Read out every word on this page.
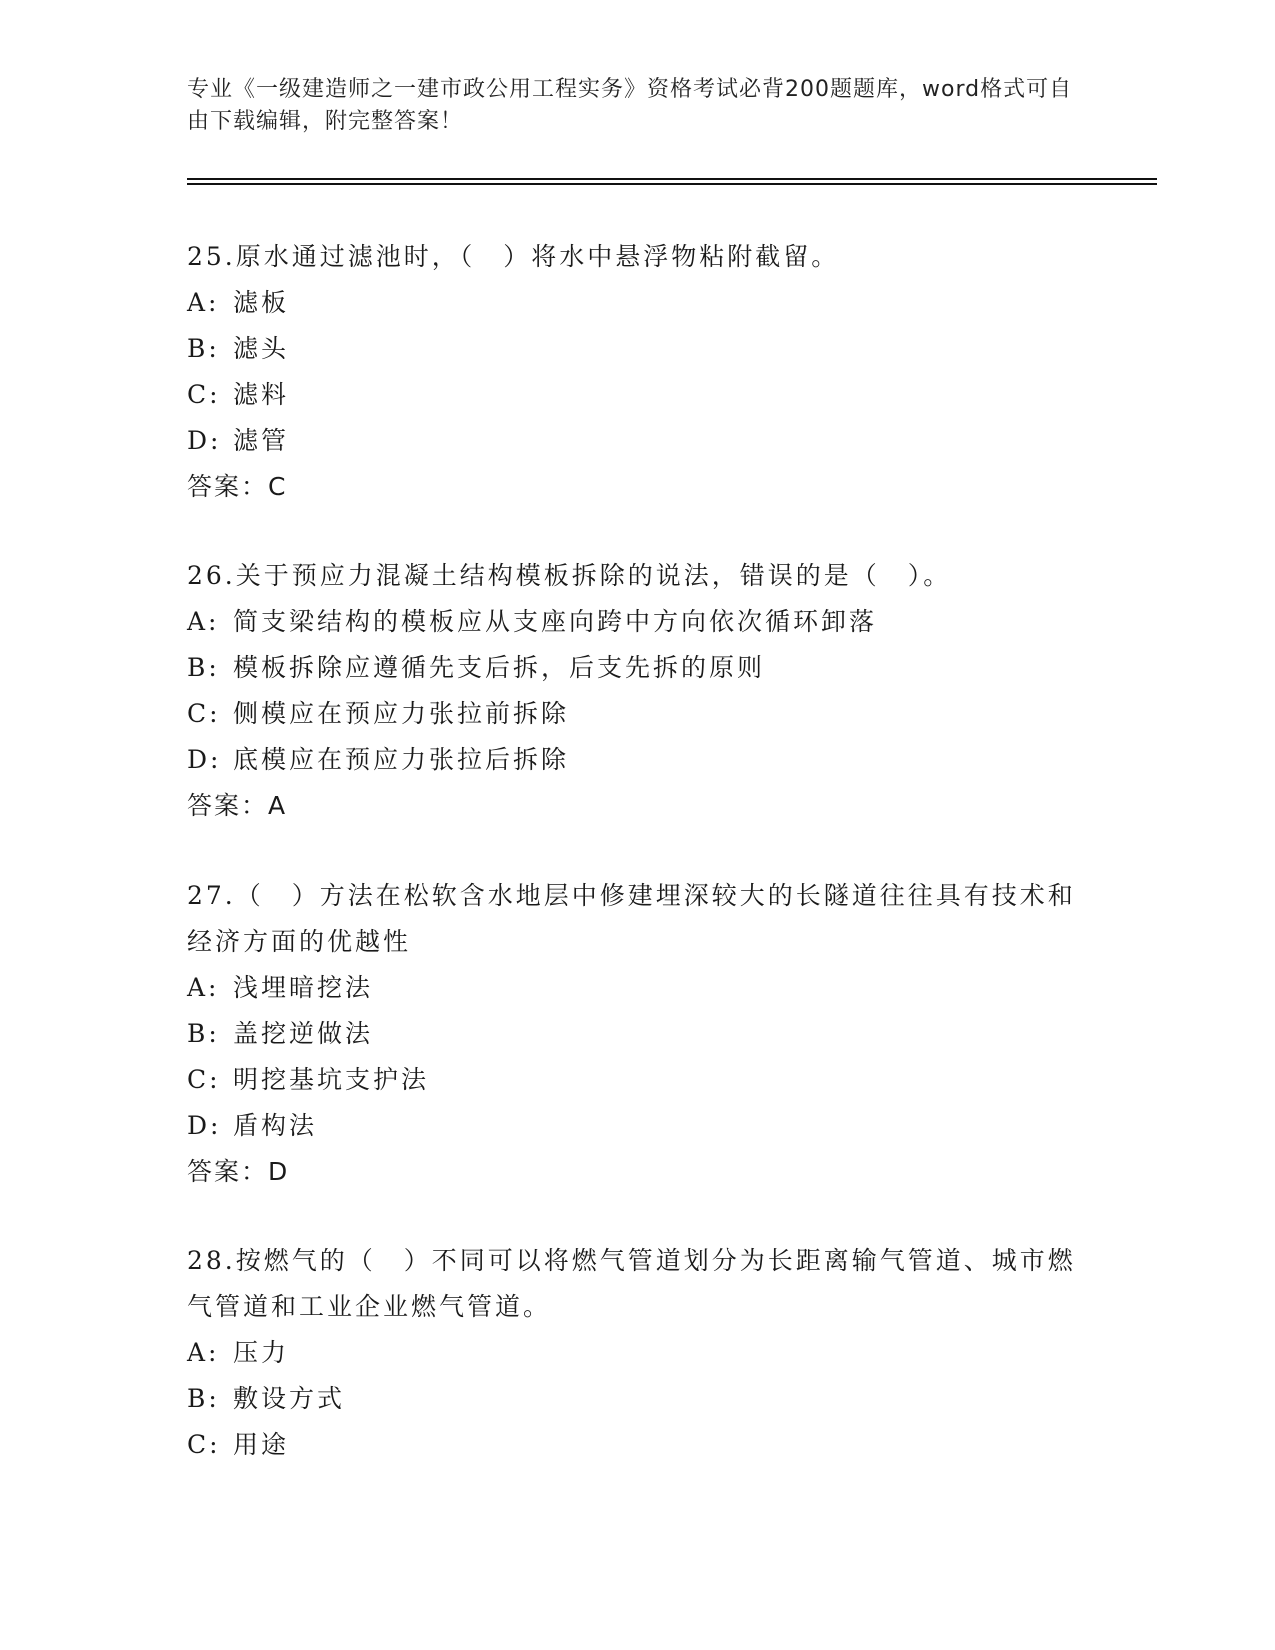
专业《一级建造师之一建市政公用工程实务》资格考试必背200题题库，word格式可自由下载编辑，附完整答案！

25.原水通过滤池时，（　）将水中悬浮物粘附截留。

A: 滤板

B: 滤头

C: 滤料

D: 滤管

答案：C

26.关于预应力混凝土结构模板拆除的说法，错误的是（　）。

A: 简支梁结构的模板应从支座向跨中方向依次循环卸落

B: 模板拆除应遵循先支后拆，后支先拆的原则

C: 侧模应在预应力张拉前拆除

D: 底模应在预应力张拉后拆除

答案：A

27.（　）方法在松软含水地层中修建埋深较大的长隧道往往具有技术和经济方面的优越性

A: 浅埋暗挖法

B: 盖挖逆做法

C: 明挖基坑支护法

D: 盾构法

答案：D

28.按燃气的（　）不同可以将燃气管道划分为长距离输气管道、城市燃气管道和工业企业燃气管道。

A: 压力

B: 敷设方式

C: 用途
